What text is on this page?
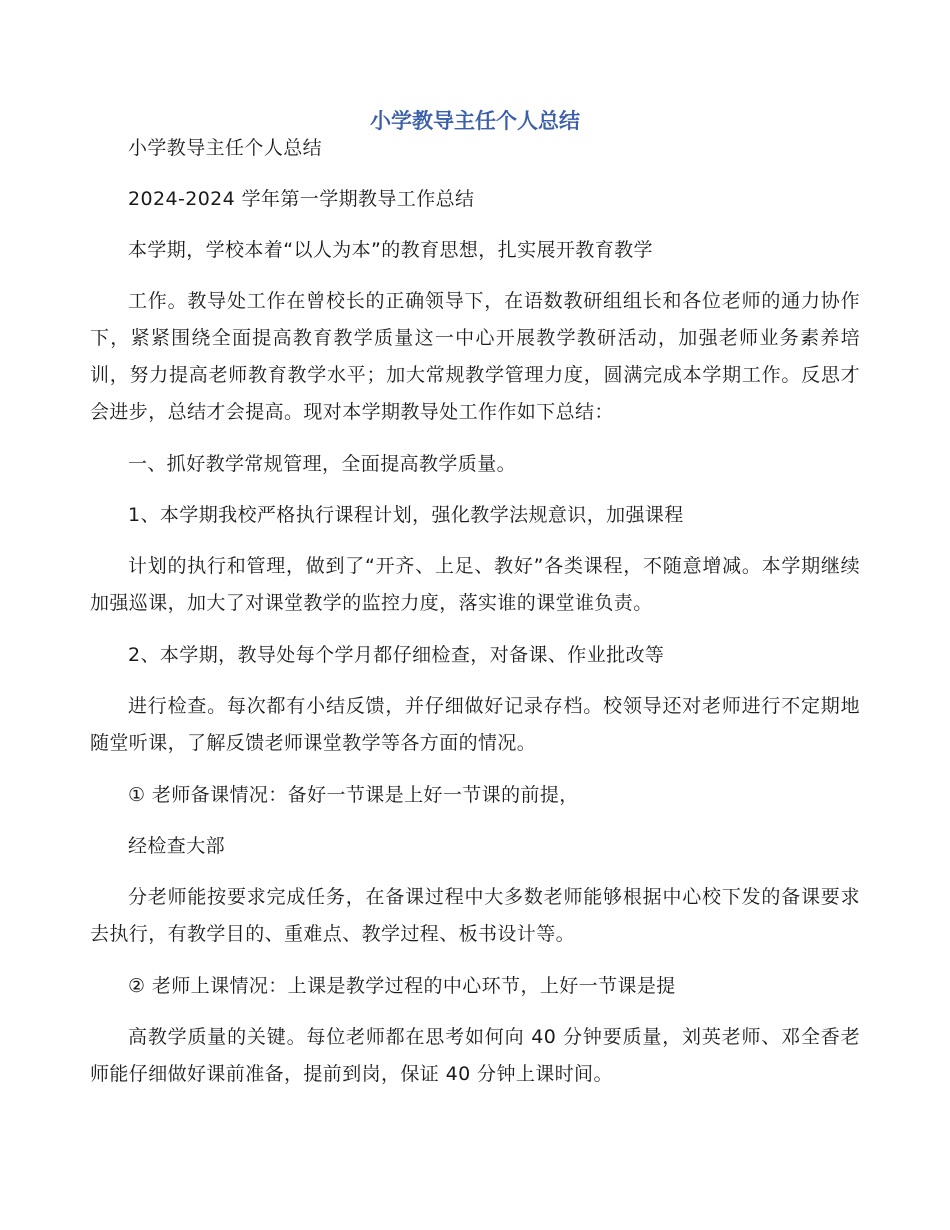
小学教导主任个人总结

小学教导主任个人总结

2024-2024 学年第一学期教导工作总结

本学期，学校本着“以人为本”的教育思想，扎实展开教育教学

工作。教导处工作在曾校长的正确领导下，在语数教研组组长和各位老师的通力协作下，紧紧围绕全面提高教育教学质量这一中心开展教学教研活动，加强老师业务素养培训，努力提高老师教育教学水平；加大常规教学管理力度，圆满完成本学期工作。反思才会进步，总结才会提高。现对本学期教导处工作作如下总结：

一、抓好教学常规管理，全面提高教学质量。

1、本学期我校严格执行课程计划，强化教学法规意识，加强课程

计划的执行和管理，做到了“开齐、上足、教好”各类课程，不随意增减。本学期继续加强巡课，加大了对课堂教学的监控力度，落实谁的课堂谁负责。

2、本学期，教导处每个学月都仔细检查，对备课、作业批改等

进行检查。每次都有小结反馈，并仔细做好记录存档。校领导还对老师进行不定期地随堂听课，了解反馈老师课堂教学等各方面的情况。

① 老师备课情况：备好一节课是上好一节课的前提，

经检查大部

分老师能按要求完成任务，在备课过程中大多数老师能够根据中心校下发的备课要求去执行，有教学目的、重难点、教学过程、板书设计等。

② 老师上课情况：上课是教学过程的中心环节，上好一节课是提

高教学质量的关键。每位老师都在思考如何向 40 分钟要质量，刘英老师、邓全香老师能仔细做好课前准备，提前到岗，保证 40 分钟上课时间。
